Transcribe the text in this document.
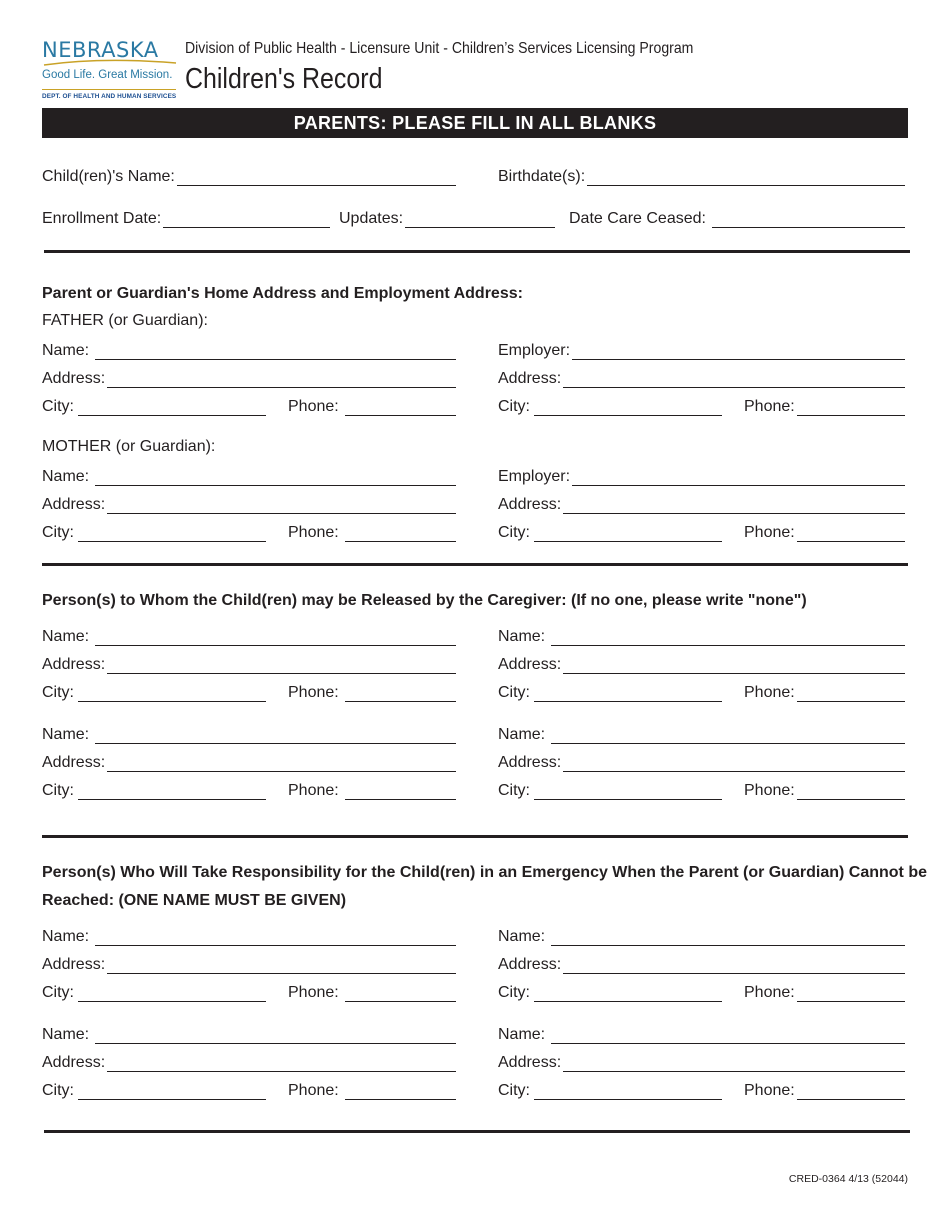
NEBRASKA
Good Life. Great Mission.
DEPT. OF HEALTH AND HUMAN SERVICES
Division of Public Health - Licensure Unit - Children’s Services Licensing Program
Children's Record
PARENTS: PLEASE FILL IN ALL BLANKS
Child(ren)'s Name:	Birthdate(s):
Enrollment Date:	Updates:	Date Care Ceased:
Parent or Guardian's Home Address and Employment Address:
FATHER (or Guardian):
Name:	Employer:
Address:	Address:
City:	Phone:	City:	Phone:
MOTHER (or Guardian):
Name:	Employer:
Address:	Address:
City:	Phone:	City:	Phone:
Person(s) to Whom the Child(ren) may be Released by the Caregiver: (If no one, please write "none")
Name:	Name:
Address:	Address:
City:	Phone:	City:	Phone:
Name:	Name:
Address:	Address:
City:	Phone:	City:	Phone:
Person(s) Who Will Take Responsibility for the Child(ren) in an Emergency When the Parent (or Guardian) Cannot be
Reached: (ONE NAME MUST BE GIVEN)
Name:	Name:
Address:	Address:
City:	Phone:	City:	Phone:
Name:	Name:
Address:	Address:
City:	Phone:	City:	Phone:
CRED-0364 4/13 (52044)
